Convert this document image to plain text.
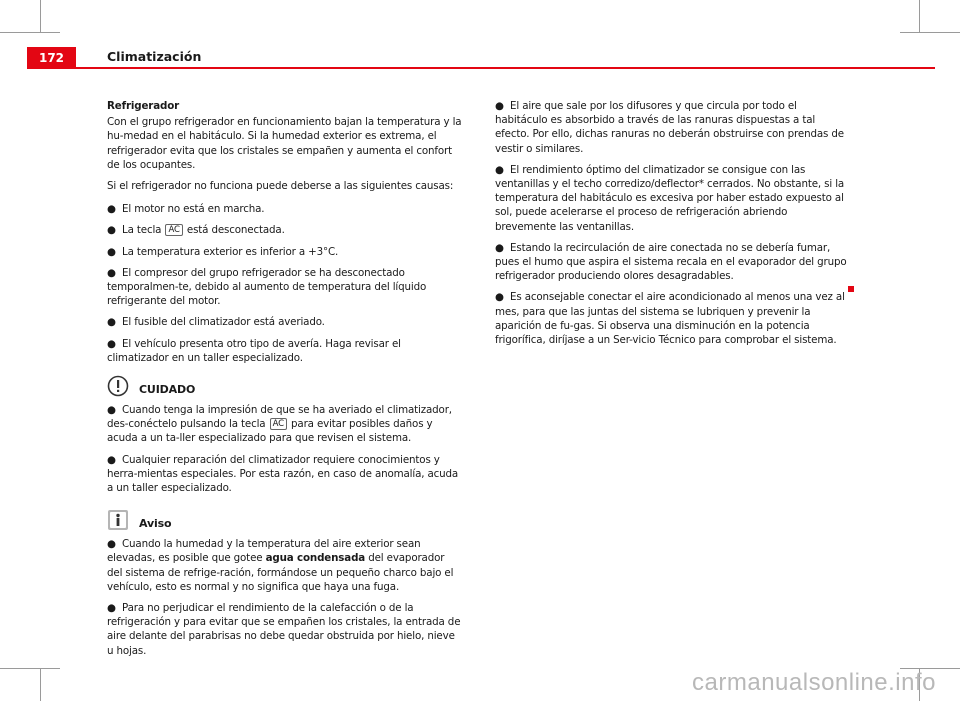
172	Climatización

Refrigerador

Con el grupo refrigerador en funcionamiento bajan la temperatura y la hu-medad en el habitáculo. Si la humedad exterior es extrema, el refrigerador evita que los cristales se empañen y aumenta el confort de los ocupantes.

Si el refrigerador no funciona puede deberse a las siguientes causas:

● El motor no está en marcha.

● La tecla AC está desconectada.

● La temperatura exterior es inferior a +3°C.

● El compresor del grupo refrigerador se ha desconectado temporalmen-te, debido al aumento de temperatura del líquido refrigerante del motor.

● El fusible del climatizador está averiado.

● El vehículo presenta otro tipo de avería. Haga revisar el climatizador en un taller especializado.

CUIDADO

● Cuando tenga la impresión de que se ha averiado el climatizador, des-conéctelo pulsando la tecla AC para evitar posibles daños y acuda a un ta-ller especializado para que revisen el sistema.

● Cualquier reparación del climatizador requiere conocimientos y herra-mientas especiales. Por esta razón, en caso de anomalía, acuda a un taller especializado.

Aviso

● Cuando la humedad y la temperatura del aire exterior sean elevadas, es posible que gotee agua condensada del evaporador del sistema de refrige-ración, formándose un pequeño charco bajo el vehículo, esto es normal y no significa que haya una fuga.

● Para no perjudicar el rendimiento de la calefacción o de la refrigeración y para evitar que se empañen los cristales, la entrada de aire delante del parabrisas no debe quedar obstruida por hielo, nieve u hojas.

● El aire que sale por los difusores y que circula por todo el habitáculo es absorbido a través de las ranuras dispuestas a tal efecto. Por ello, dichas ranuras no deberán obstruirse con prendas de vestir o similares.

● El rendimiento óptimo del climatizador se consigue con las ventanillas y el techo corredizo/deflector* cerrados. No obstante, si la temperatura del habitáculo es excesiva por haber estado expuesto al sol, puede acelerarse el proceso de refrigeración abriendo brevemente las ventanillas.

● Estando la recirculación de aire conectada no se debería fumar, pues el humo que aspira el sistema recala en el evaporador del grupo refrigerador produciendo olores desagradables.

● Es aconsejable conectar el aire acondicionado al menos una vez al mes, para que las juntas del sistema se lubriquen y prevenir la aparición de fu-gas. Si observa una disminución en la potencia frigorífica, diríjase a un Ser-vicio Técnico para comprobar el sistema.

carmanualsonline.info
